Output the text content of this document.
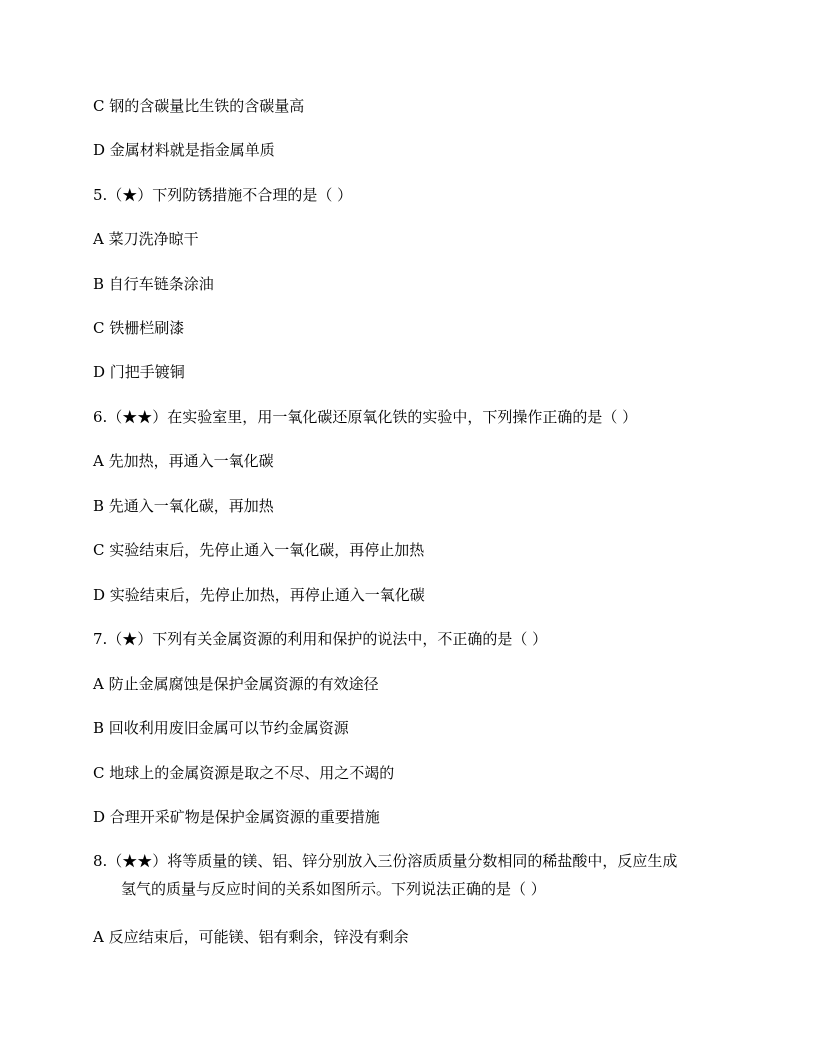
C 钢的含碳量比生铁的含碳量高
D 金属材料就是指金属单质
5.（★）下列防锈措施不合理的是（ ）
A 菜刀洗净晾干
B 自行车链条涂油
C 铁栅栏刷漆
D 门把手镀铜
6.（★★）在实验室里，用一氧化碳还原氧化铁的实验中，下列操作正确的是（ ）
A 先加热，再通入一氧化碳
B 先通入一氧化碳，再加热
C 实验结束后，先停止通入一氧化碳，再停止加热
D 实验结束后，先停止加热，再停止通入一氧化碳
7.（★）下列有关金属资源的利用和保护的说法中，不正确的是（ ）
A 防止金属腐蚀是保护金属资源的有效途径
B 回收利用废旧金属可以节约金属资源
C 地球上的金属资源是取之不尽、用之不竭的
D 合理开采矿物是保护金属资源的重要措施
8.（★★）将等质量的镁、铝、锌分别放入三份溶质质量分数相同的稀盐酸中，反应生成
氢气的质量与反应时间的关系如图所示。下列说法正确的是（ ）
A 反应结束后，可能镁、铝有剩余，锌没有剩余
